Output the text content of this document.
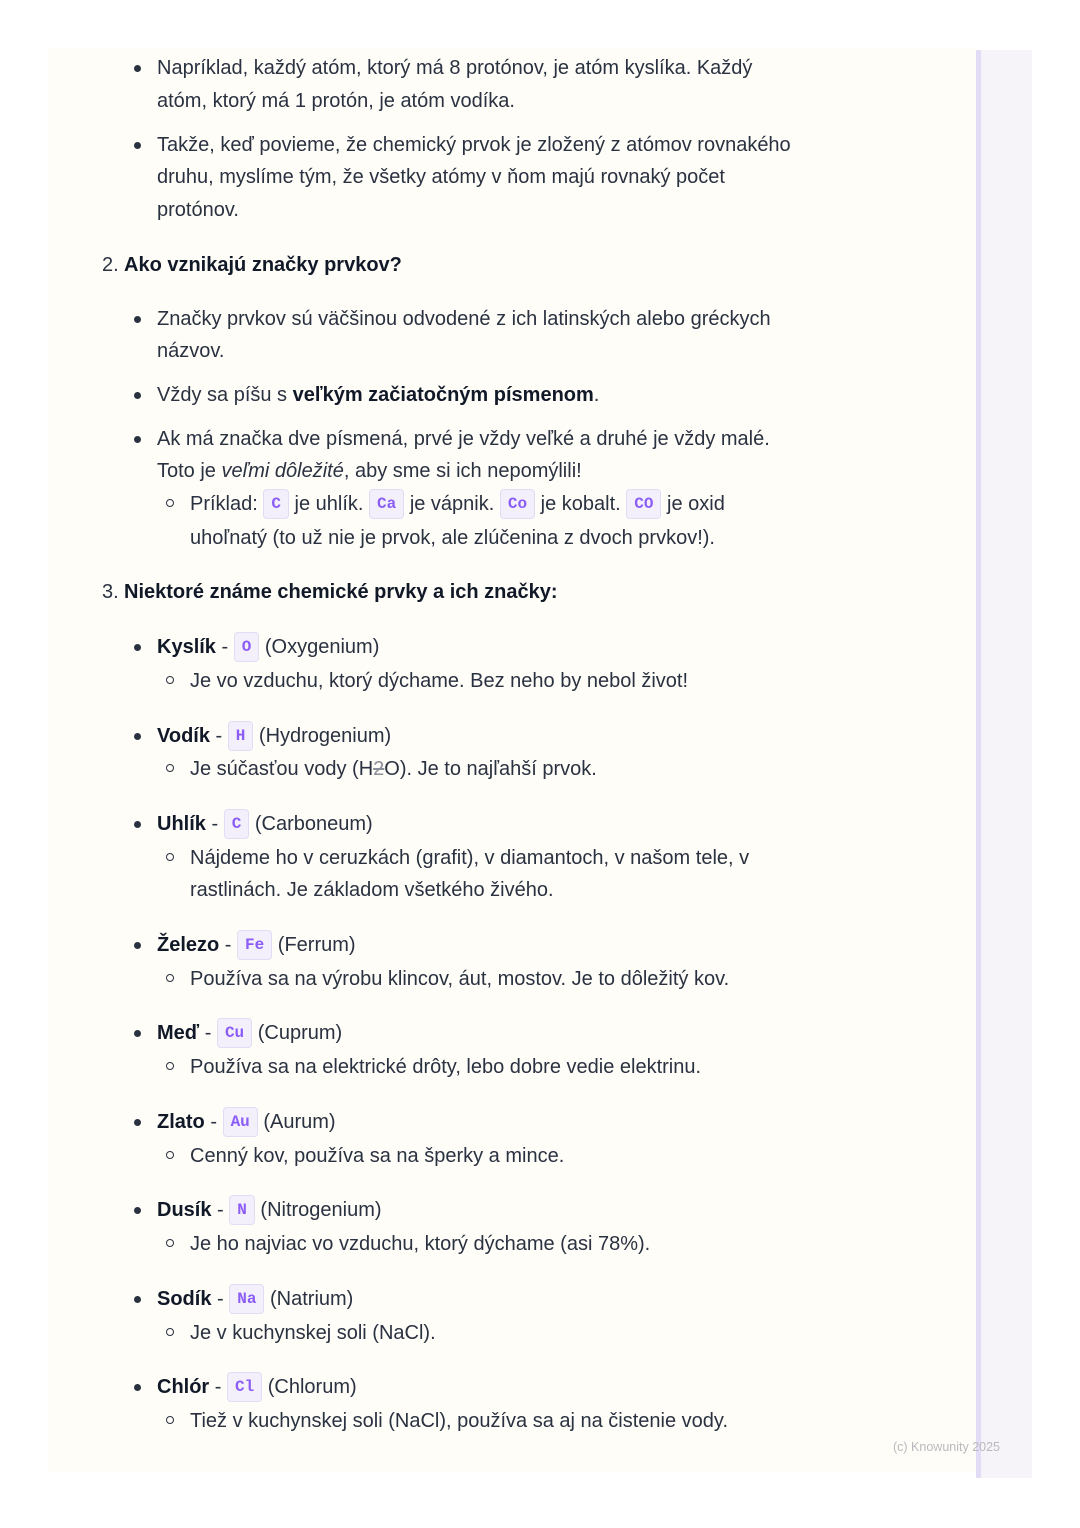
Napríklad, každý atóm, ktorý má 8 protónov, je atóm kyslíka. Každý
atóm, ktorý má 1 protón, je atóm vodíka.
Takže, keď povieme, že chemický prvok je zložený z atómov rovnakého
druhu, myslíme tým, že všetky atómy v ňom majú rovnaký počet
protónov.
2. Ako vznikajú značky prvkov?
Značky prvkov sú väčšinou odvodené z ich latinských alebo gréckych
názvov.
Vždy sa píšu s veľkým začiatočným písmenom.
Ak má značka dve písmená, prvé je vždy veľké a druhé je vždy malé.
Toto je veľmi dôležité, aby sme si ich nepomýlili!
Príklad: C je uhlík. Ca je vápnik. Co je kobalt. CO je oxid
uhoľnatý (to už nie je prvok, ale zlúčenina z dvoch prvkov!).
3. Niektoré známe chemické prvky a ich značky:
Kyslík - O (Oxygenium)
Je vo vzduchu, ktorý dýchame. Bez neho by nebol život!
Vodík - H (Hydrogenium)
Je súčasťou vody (H2O). Je to najľahší prvok.
Uhlík - C (Carboneum)
Nájdeme ho v ceruzkách (grafit), v diamantoch, v našom tele, v
rastlinách. Je základom všetkého živého.
Železo - Fe (Ferrum)
Používa sa na výrobu klincov, áut, mostov. Je to dôležitý kov.
Meď - Cu (Cuprum)
Používa sa na elektrické drôty, lebo dobre vedie elektrinu.
Zlato - Au (Aurum)
Cenný kov, používa sa na šperky a mince.
Dusík - N (Nitrogenium)
Je ho najviac vo vzduchu, ktorý dýchame (asi 78%).
Sodík - Na (Natrium)
Je v kuchynskej soli (NaCl).
Chlór - Cl (Chlorum)
Tiež v kuchynskej soli (NaCl), používa sa aj na čistenie vody.
(c) Knowunity 2025
